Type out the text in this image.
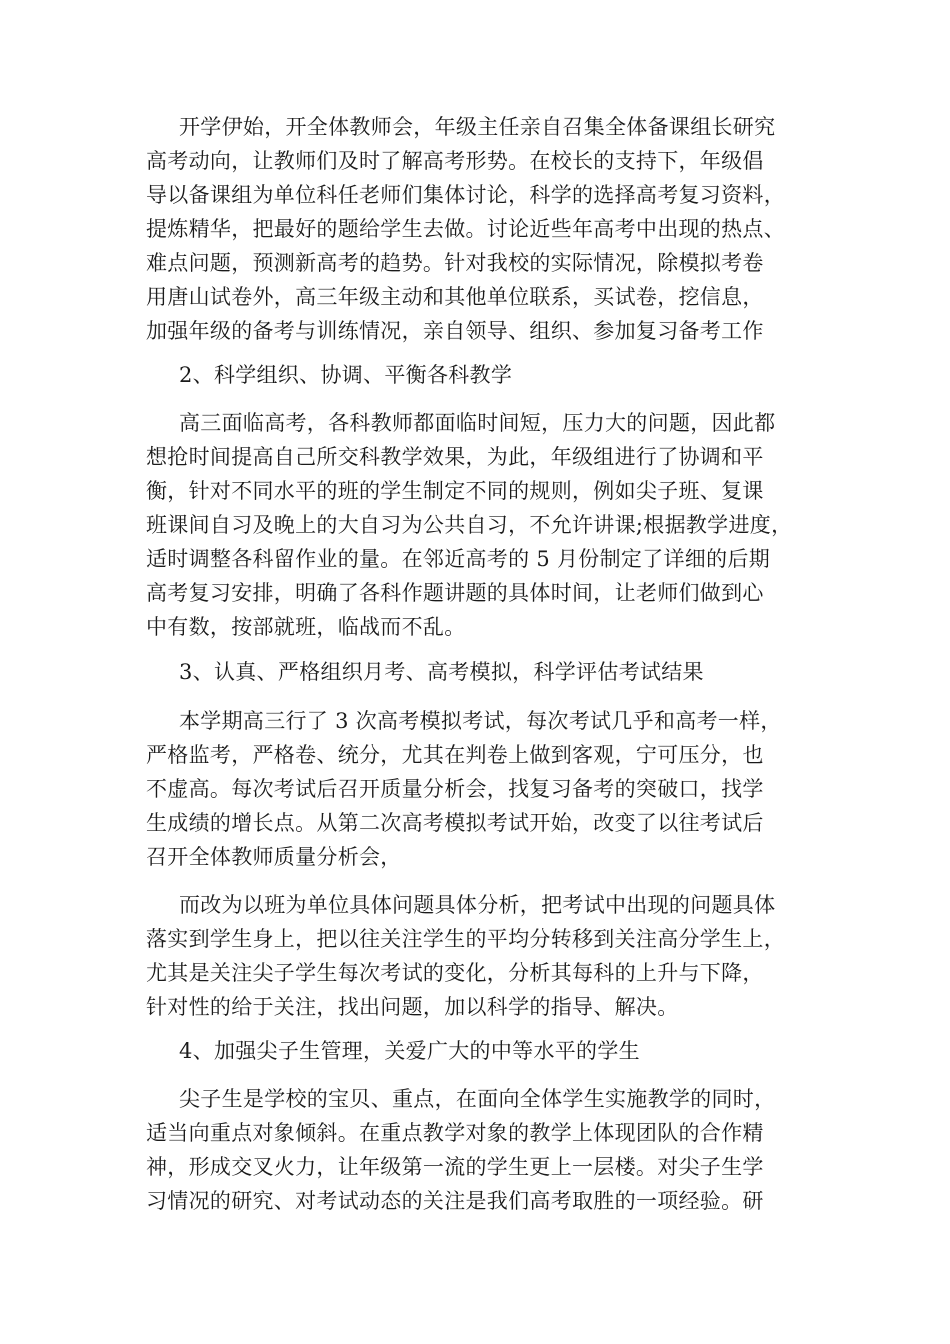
开学伊始，开全体教师会，年级主任亲自召集全体备课组长研究
高考动向，让教师们及时了解高考形势。在校长的支持下，年级倡
导以备课组为单位科任老师们集体讨论，科学的选择高考复习资料，
提炼精华，把最好的题给学生去做。讨论近些年高考中出现的热点、
难点问题，预测新高考的趋势。针对我校的实际情况，除模拟考卷
用唐山试卷外，高三年级主动和其他单位联系，买试卷，挖信息，
加强年级的备考与训练情况，亲自领导、组织、参加复习备考工作
2、科学组织、协调、平衡各科教学
高三面临高考，各科教师都面临时间短，压力大的问题，因此都
想抢时间提高自己所交科教学效果，为此，年级组进行了协调和平
衡，针对不同水平的班的学生制定不同的规则，例如尖子班、复课
班课间自习及晚上的大自习为公共自习，不允许讲课;根据教学进度，
适时调整各科留作业的量。在邻近高考的 5 月份制定了详细的后期
高考复习安排，明确了各科作题讲题的具体时间，让老师们做到心
中有数，按部就班，临战而不乱。
3、认真、严格组织月考、高考模拟，科学评估考试结果
本学期高三行了 3 次高考模拟考试，每次考试几乎和高考一样，
严格监考，严格卷、统分，尤其在判卷上做到客观，宁可压分，也
不虚高。每次考试后召开质量分析会，找复习备考的突破口，找学
生成绩的增长点。从第二次高考模拟考试开始，改变了以往考试后
召开全体教师质量分析会，
而改为以班为单位具体问题具体分析，把考试中出现的问题具体
落实到学生身上，把以往关注学生的平均分转移到关注高分学生上，
尤其是关注尖子学生每次考试的变化，分析其每科的上升与下降，
针对性的给于关注，找出问题，加以科学的指导、解决。
4、加强尖子生管理，关爱广大的中等水平的学生
尖子生是学校的宝贝、重点，在面向全体学生实施教学的同时，
适当向重点对象倾斜。在重点教学对象的教学上体现团队的合作精
神，形成交叉火力，让年级第一流的学生更上一层楼。对尖子生学
习情况的研究、对考试动态的关注是我们高考取胜的一项经验。研
